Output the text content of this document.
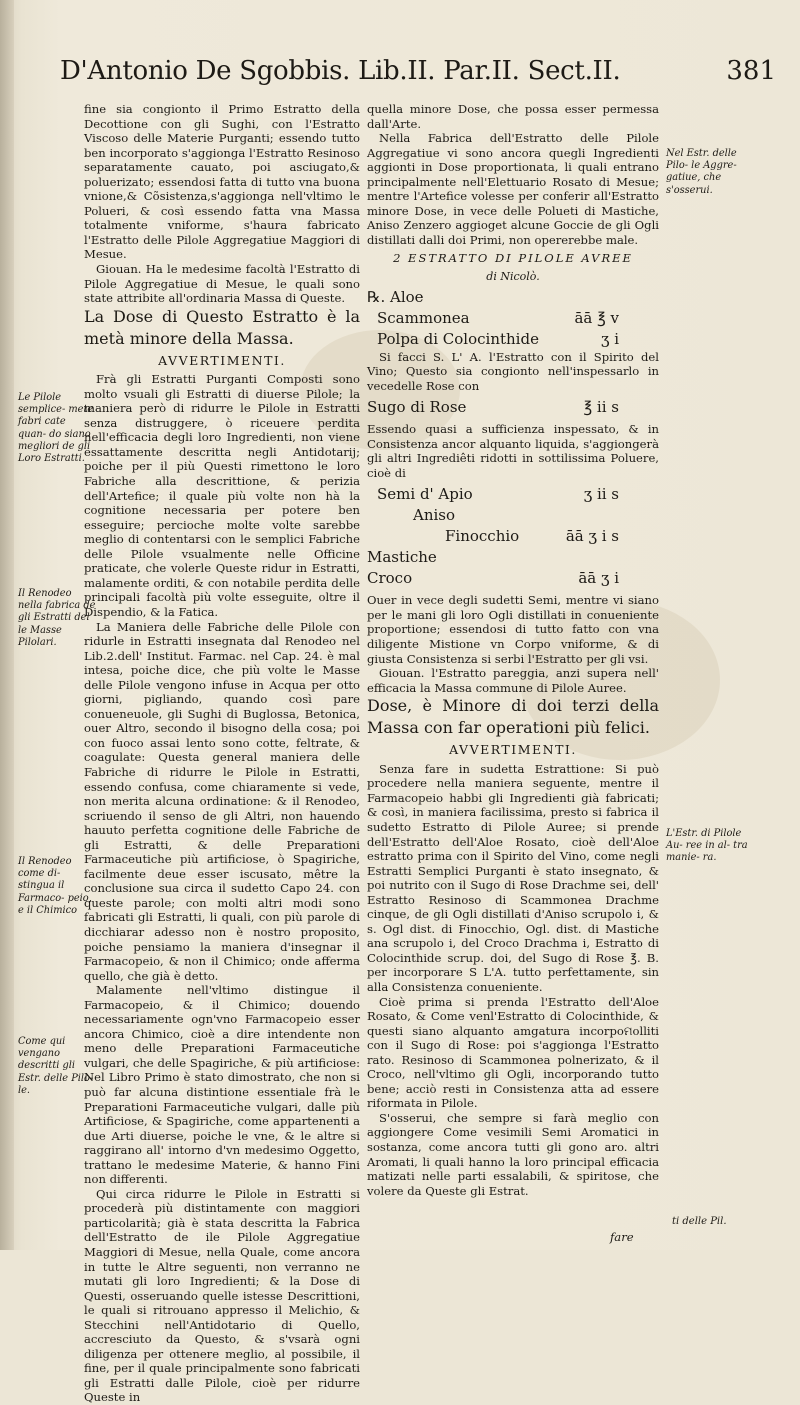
D'Antonio De Sgobbis. Lib.II. Par.II. Sect.II.	381
Le Pilole semplice- mete fabri cate quan- do siano megliori de gli Loro Estratti.
Il Renodeo nella fabrica de gli Estratti del le Masse Pilolari.
Il Renodeo come di- stingua il Farmaco- peio, e il Chimico
Come qui vengano descritti gli Estr. delle Pilo- le.
Nel Estr. delle Pilo- le Aggre- gatiue, che s'osserui.
L'Estr. di Pilole Au- ree in al- tra manie- ra.

fine sia congionto il Primo Estratto della Decottione con gli Sughi, con l'Estratto Viscoso delle Materie Purganti; essendo tutto ben incorporato s'aggionga l'Estratto Resinoso separatamente cauato, poi asciugato,& poluerizato; essendosi fatta di tutto vna buona vnione,& Cõsistenza,s'aggionga nell'vltimo le Polueri, & così essendo fatta vna Massa totalmente vniforme, s'haura fabricato l'Estratto delle Pilole Aggregatiue Maggiori di Mesue.

Giouan. Ha le medesime facoltà l'Estratto di Pilole Aggregatiue di Mesue, le quali sono state attribite all'ordinaria Massa di Queste.

La Dose di Questo Estratto è la metà minore della Massa.

AVVERTIMENTI.

Frà gli Estratti Purganti Composti sono molto vsuali gli Estratti di diuerse Pilole; la maniera però di ridurre le Pilole in Estratti senza distruggere, ò riceuere perdita nell'efficacia degli loro Ingredienti, non viene essattamente descritta negli Antidotarij; poiche per il più Questi rimettono le loro Fabriche alla descrittione, & perizia dell'Artefice; il quale più volte non hà la cognitione necessaria per potere ben esseguire; percioche molte volte sarebbe meglio di contentarsi con le semplici Fabriche delle Pilole vsualmente nelle Officine praticate, che volerle Queste ridur in Estratti, malamente orditi, & con notabile perdita delle principali facoltà più volte esseguite, oltre il Dispendio, & la Fatica.

La Maniera delle Fabriche delle Pilole con ridurle in Estratti insegnata dal Renodeo nel Lib.2.dell' Institut. Farmac. nel Cap. 24. è mal intesa, poiche dice, che più volte le Masse delle Pilole vengono infuse in Acqua per otto giorni, pigliando, quando così pare conueneuole, gli Sughi di Buglossa, Betonica, ouer Altro, secondo il bisogno della cosa; poi con fuoco assai lento sono cotte, feltrate, & coagulate: Questa general maniera delle Fabriche di ridurre le Pilole in Estratti, essendo confusa, come chiaramente si vede, non merita alcuna ordinatione: & il Renodeo, scriuendo il senso de gli Altri, non hauendo hauuto perfetta cognitione delle Fabriche de gli Estratti, & delle Preparationi Farmaceutiche più artificiose, ò Spagiriche, facilmente deue esser iscusato, mêtre la conclusione sua circa il sudetto Capo 24. con queste parole; con molti altri modi sono fabricati gli Estratti, li quali, con più parole di dicchiarar adesso non è nostro proposito, poiche pensiamo la maniera d'insegnar il Farmacopeio, & non il Chimico; onde afferma quello, che già è detto.

Malamente nell'vltimo distingue il Farmacopeio, & il Chimico; douendo necessariamente ogn'vno Farmacopeio esser ancora Chimico, cioè a dire intendente non meno delle Preparationi Farmaceutiche vulgari, che delle Spagiriche, & più artificiose: Nel Libro Primo è stato dimostrato, che non si può far alcuna distintione essentiale frà le Preparationi Farmaceutiche vulgari, dalle più Artificiose, & Spagiriche, come appartenenti a due Arti diuerse, poiche le vne, & le altre si raggirano all' intorno d'vn medesimo Oggetto, trattano le medesime Materie, & hanno Fini non differenti.

Qui circa ridurre le Pilole in Estratti si procederà più distintamente con maggiori particolarità; già è stata descritta la Fabrica dell'Estratto de ile Pilole Aggregatiue Maggiori di Mesue, nella Quale, come ancora in tutte le Altre seguenti, non verranno ne mutati gli loro Ingredienti; & la Dose di Questi, osseruando quelle istesse Descrittioni, le quali si ritrouano appresso il Melichio, & Stecchini nell'Antidotario di Quello, accresciuto da Questo, & s'vsarà ogni diligenza per ottenere meglio, al possibile, il fine, per il quale principalmente sono fabricati gli Estratti dalle Pilole, cioè per ridurre Queste in

quella minore Dose, che possa esser permessa dall'Arte.

Nella Fabrica dell'Estratto delle Pilole Aggregatiue vi sono ancora quegli Ingredienti aggionti in Dose proportionata, li quali entrano principalmente nell'Elettuario Rosato di Mesue; mentre l'Artefice volesse per conferir all'Estratto minore Dose, in vece delle Polueti di Mastiche, Aniso Zenzero aggioget alcune Goccie de gli Ogli distillati dalli doi Primi, non opererebbe male.

2 ESTRATTO DI PILOLE AVREE
di Nicolò.
℞. Aloe
Scammonea	āā ℥ v
Polpa di Colocinthide	ʒ i

Si facci S. L' A. l'Estratto con il Spirito del Vino; Questo sia congionto nell'inspessarlo in vecedelle Rose con

Sugo di Rose	℥ ii s

Essendo quasi a sufficienza inspessato, & in Consistenza ancor alquanto liquida, s'aggiongerà gli altri Ingrediêti ridotti in sottilissima Poluere, cioè di

Semi d' Apio	ʒ ii s
Aniso
Finocchio	āā ʒ i s
Mastiche
Croco	āā ʒ i

Ouer in vece degli sudetti Semi, mentre vi siano per le mani gli loro Ogli distillati in conueniente proportione; essendosi di tutto fatto con vna diligente Mistione vn Corpo vniforme, & di giusta Consistenza si serbi l'Estratto per gli vsi.

Giouan. l'Estratto pareggia, anzi supera nell' efficacia la Massa commune di Pilole Auree.

Dose, è Minore di doi terzi della Massa con far operationi più felici.

AVVERTIMENTI.

Senza fare in sudetta Estrattione: Si può procedere nella maniera seguente, mentre il Farmacopeio habbi gli Ingredienti già fabricati; & così, in maniera facilissima, presto si fabrica il sudetto Estratto di Pilole Auree; si prende dell'Estratto dell'Aloe Rosato, cioè dell'Aloe estratto prima con il Spirito del Vino, come negli Estratti Semplici Purganti è stato insegnato, & poi nutrito con il Sugo di Rose Drachme sei, dell' Estratto Resinoso di Scammonea Drachme cinque, de gli Ogli distillati d'Aniso scrupolo i, & s. Ogl dist. di Finocchio, Ogl. dist. di Mastiche ana scrupolo i, del Croco Drachma i, Estratto di Colocinthide scrup. doi, del Sugo di Rose ℥. B. per incorporare S L'A. tutto perfettamente, sin alla Consistenza conueniente.

Cioè prima si prenda l'Estratto dell'Aloe Rosato, & Come venl'Estratto di Colocinthide, & questi siano alquanto amgatura incorpoମolliti con il Sugo di Rose: poi s'aggionga l'Estratto rato. Resinoso di Scammonea polnerizato, & il Croco, nell'vltimo gli Ogli, incorporando tutto bene; acciò resti in Consistenza atta ad essere riformata in Pilole.

S'osserui, che sempre si farà meglio con aggiongere Come vesimili Semi Aromatici in sostanza, come ancora tutti gli gono aro. altri Aromati, li quali hanno la loro principal efficacia matizati nelle parti essalabili, & spiritose, che volere da Queste gli Estrat.

fare
ti delle Pil.
